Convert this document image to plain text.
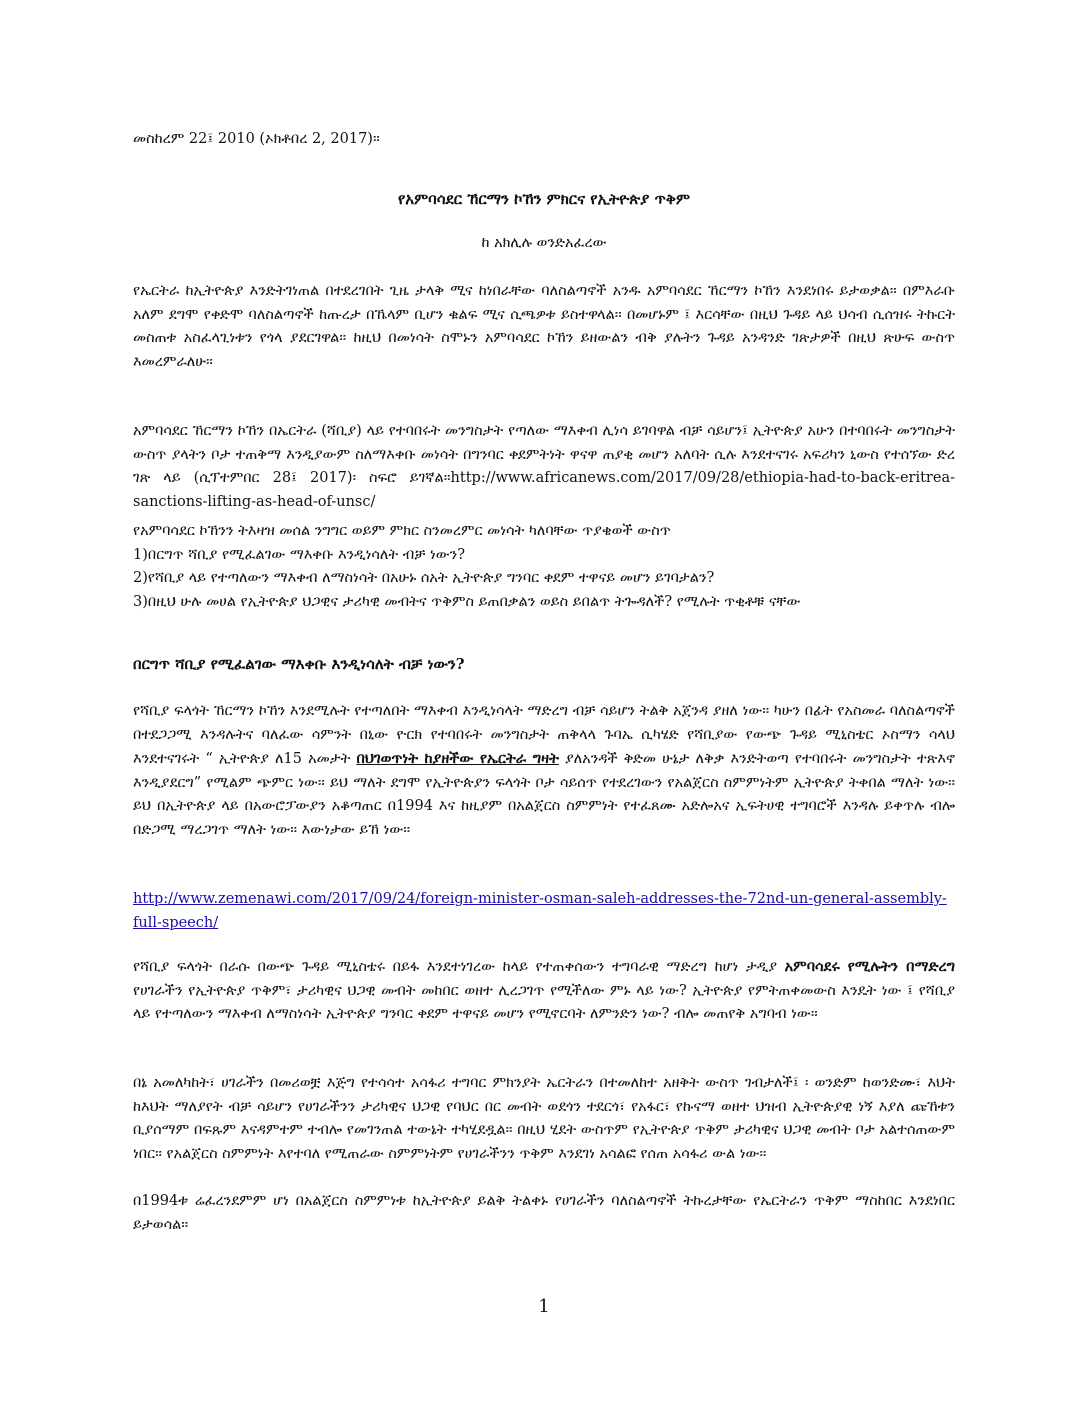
መስከረም 22፤ 2010 (ኦክቶበረ 2, 2017)፡፡

የአምባሳደር ኸርማን ኮኸን ምክርና የኢትዮጵያ ጥቅም

ከ አክሊሉ ወንድአፈረው

የኤርትራ ከኢትዮጵያ እንድትገነጠል በተደረገበት ጊዜ ታላቅ ሚና ከነበራቸው ባለስልጣኖች አንዱ አምባሳደር ኸርማን ኮኸን እንደነበሩ ይታወቃል፡፡ በምእራቡ አለም ደግሞ የቀድሞ ባለስልጣኖች ከጡረታ በኼላም ቢሆን ቁልፍ ሚና ሲጫዎቱ ይስተዋላል፡፡ በመሆኑም ፤ እርሳቸው በዚህ ጉዳይ ላይ ህሳብ ሲሰዝሩ ትኩርት መስጠቱ አስፈላጊነቱን የጎላ ያደርገዋል፡፡ ከዚህ በመነሳት ስሞኑን አምባሳደር ኮኸን ይዘውልን ብቅ ያሉትን ጉዳይ አንዳንድ ገጽታዎች በዚህ ጽሁፍ ውስጥ እመረምራለሁ፡፡

አምባሳደር ኸርማን ኮኸን በኤርትራ (ሻቢያ) ላይ የተባበሩት መንግስታት የጣለው ማእቀብ ሊነሳ ይገባዋል ብቻ ሳይሆን፤ ኢትዮጵያ አሁን በተባበሩት መንግስታት ውስጥ ያላትን ቦታ ተጠቅማ እንዲያውም ስለማእቀቡ መነሳት በግንባር ቀደምትነት ዋናዋ ጠያቂ መሆን አለባት ሲሉ እንደተናገሩ አፍሪካን ኒውስ የተሰኘው ድረ ገጽ ላይ (ሲፕተምበር 28፤ 2017)፡ ስፍሮ ይገኛል፡፡http://www.africanews.com/2017/09/28/ethiopia-had-to-back-eritrea-sanctions-lifting-as-head-of-unsc/

የአምባሳደር ኮኸንን ትእዛዝ መሰል ንግግር ወይም ምክር ስንመረምር መነሳት ካለባቸው ጥያቄወች ውስጥ
1)በርግጥ ሻቢያ የሚፈልገው ማእቀቡ እንዲነሳለት ብቻ ነውን?
2)የሻቢያ ላይ የተጣለውን ማእቀብ ለማስነሳት በአሁኑ ሰአት ኢትዮጵያ ግንባር ቀደም ተዋናይ መሆን ይገባታልን?
3)በዚህ ሁሉ መሀል የኢትዮጵያ ህጋዊና ታሪካዊ መብትና ጥቅምስ ይጠበቃልን ወይስ ይበልጥ ትጐዳለች? የሚሉት ጥቂቶቹ ናቸው

በርግጥ ሻቢያ የሚፈልገው ማእቀቡ እንዲነሳለት ብቻ ነውን?

የሻቢያ ፍላጎት ኸርማን ኮኸን እንደሚሉት የተጣለበት ማእቀብ እንዲነሳላት ማድረግ ብቻ ሳይሆን ትልቅ አጀንዳ ያዘለ ነው፡፡ ካሁን በፊት የአስመራ ባለስልጣኖች በተደጋጋሚ እንዳሉትና ባለፈው ሳምንት በኒው ዮርክ የተባበሩት መንግስታት ጠቅላላ ጉባኤ ሲካሄድ የሻቢያው የውጭ ጉዳይ ሚኒስቴር ኦስማን ሳላህ እንደተናገሩት “ ኢትዮጵያ ለ15 አመታት በህገወጥነት ከያዘችው የኤርትራ ግዛት ያለአንዳች ቅድመ ሁኔታ ለቅቃ እንድትወጣ የተባበሩት መንግስታት ተጽእኖ እንዲያደርግ” የሚልም ጭምር ነው፡፡ ይህ ማለት ደግሞ የኢትዮጵያን ፍላጎት ቦታ ሳይሰጥ የተደረገውን የአልጀርስ ስምምነትም ኢትዮጵያ ትቀበል ማለት ነው፡፡ ይህ በኢትዮጵያ ላይ በአውሮፓውያን አቆጣጠር በ1994 እና ከዚያም በአልጀርስ ስምምነት የተፈጸሙ አድሎአና ኢፍትሀዊ ተግባሮች እንዳሉ ይቀጥሉ ብሎ በድጋሚ ማረጋገጥ ማለት ነው፡፡ እውነታው ይኸ ነው፡፡

http://www.zemenawi.com/2017/09/24/foreign-minister-osman-saleh-addresses-the-72nd-un-general-assembly-full-speech/

የሻቢያ ፍላጎት በራሱ በውጭ ጉዳይ ሚኒስቴሩ በይፋ እንደተነገረው ከላይ የተጠቀሰውን ተግባራዊ ማድረግ ከሆነ ታዲያ አምባሳደሩ የሚሉትን በማድረግ የሀገራችን የኢትዮጵያ ጥቅም፣ ታሪካዊና ህጋዊ መብት መከበር ወዘተ ሊረጋገጥ የሚችለው ምኑ ላይ ነው? ኢትዮጵያ የምትጠቀመውስ እንዴት ነው ፤ የሻቢያ ላይ የተጣለውን ማእቀብ ለማስነሳት ኢትዮጵያ ግንባር ቀደም ተዋናይ መሆን የሚኖርባት ለምንድን ነው? ብሎ መጠየቅ አግባብ ነው፡፡

በኔ አመለካከት፣ ሀገራችን በመሪወቿ እጅግ የተሳሳተ አሳፋሪ ተግባር ምክንያት ኤርትራን በተመለከተ አዘቅት ውስጥ ገብታለች፤ ፡ ወንድም ከወንድሙ፣ እህት ከእህት ማለያየት ብቻ ሳይሆን የሀገራችንን ታሪካዊና ህጋዊ የባህር በር መብት ወደጎን ተደርጎ፣ የአፋር፣ የኩናማ ወዘተ ህዝብ ኢትዮጵያዊ ነኝ እያለ ጩኸቱን ቢያሰማም በፍጹም እናዳምተም ተብሎ የመገንጠል ተውኔት ተካሂደዷል፡፡ በዚህ ሂደት ውስጥም የኢትዮጵያ ጥቅም ታሪካዊና ህጋዊ መብት ቦታ አልተሰጠውም ነበር፡፡ የአልጀርስ ስምምነት እየተባለ የሚጠራው ስምምነትም የሀገራችንን ጥቅም እንደገነ አሳልፎ የሰጠ አሳፋሪ ውል ነው፡፡

በ1994ቱ ሬፈረንደምም ሆነ በአልጀርስ ስምምነቱ ከኢትዮጵያ ይልቅ ትልቀኑ የሀገራችን ባለስልጣኖች ትኩረታቸው የኤርትራን ጥቅም ማስከበር እንደነበር ይታወሳል፡፡

1
